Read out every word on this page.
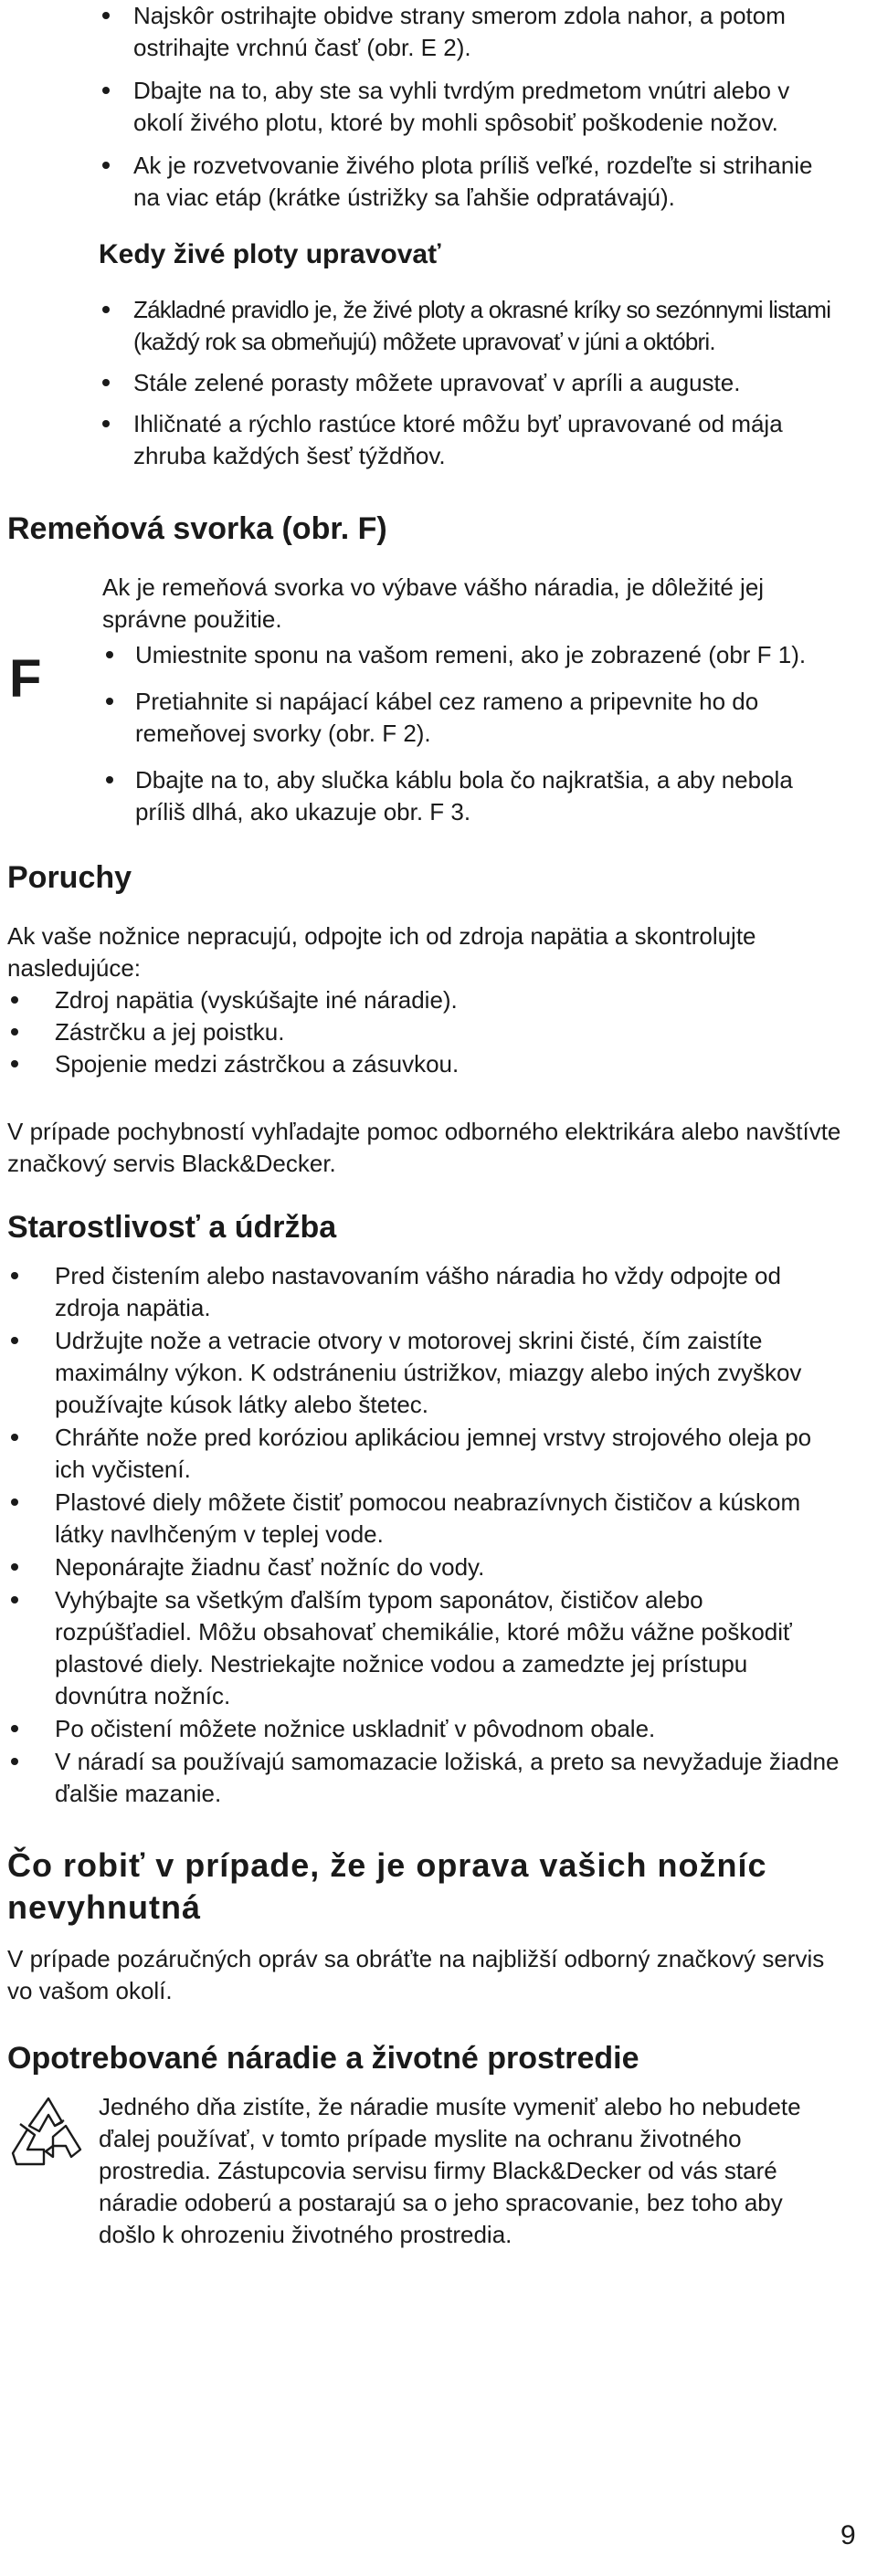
Najskôr ostrihajte obidve strany smerom zdola nahor, a potom ostrihajte vrchnú časť (obr. E 2).
Dbajte na to, aby ste sa vyhli tvrdým predmetom vnútri alebo v okolí živého plotu, ktoré by mohli spôsobiť poškodenie nožov.
Ak je rozvetvovanie živého plota príliš veľké, rozdeľte si strihanie na viac etáp (krátke ústrižky sa ľahšie odpratávajú).
Kedy živé ploty upravovať
Základné pravidlo je, že živé ploty a okrasné kríky so sezónnymi listami (každý rok sa obmeňujú) môžete upravovať v júni a októbri.
Stále zelené porasty môžete upravovať v apríli a auguste.
Ihličnaté a rýchlo rastúce ktoré môžu byť upravované od mája zhruba každých šesť týždňov.
Remeňová svorka (obr. F)
F
Ak je remeňová svorka vo výbave vášho náradia, je dôležité jej správne použitie.
Umiestnite sponu na vašom remeni, ako je zobrazené (obr F 1).
Pretiahnite si napájací kábel cez rameno a pripevnite ho do remeňovej svorky (obr. F 2).
Dbajte na to, aby slučka káblu bola čo najkratšia, a aby nebola príliš dlhá, ako ukazuje obr. F 3.
Poruchy
Ak vaše nožnice nepracujú, odpojte ich od zdroja napätia a skontrolujte nasledujúce:
Zdroj napätia (vyskúšajte iné náradie).
Zástrčku a jej poistku.
Spojenie medzi zástrčkou a zásuvkou.
V prípade pochybností vyhľadajte pomoc odborného elektrikára alebo navštívte značkový servis Black&Decker.
Starostlivosť a údržba
Pred čistením alebo nastavovaním vášho náradia ho vždy odpojte od zdroja napätia.
Udržujte nože a vetracie otvory v motorovej skrini čisté, čím zaistíte maximálny výkon. K odstráneniu ústrižkov, miazgy alebo iných zvyškov používajte kúsok látky alebo štetec.
Chráňte nože pred koróziou aplikáciou jemnej vrstvy strojového oleja po ich vyčistení.
Plastové diely môžete čistiť pomocou neabrazívnych čističov a kúskom látky navlhčeným v teplej vode.
Neponárajte žiadnu časť nožníc do vody.
Vyhýbajte sa všetkým ďalším typom saponátov, čističov alebo rozpúšťadiel. Môžu obsahovať chemikálie, ktoré môžu vážne poškodiť plastové diely. Nestriekajte nožnice vodou a zamedzte jej prístupu dovnútra nožníc.
Po očistení môžete nožnice uskladniť v pôvodnom obale.
V náradí sa používajú samomazacie ložiská, a preto sa nevyžaduje žiadne ďalšie mazanie.
Čo robiť v prípade, že je oprava vašich nožníc nevyhnutná
V prípade pozáručných opráv sa obráťte na najbližší odborný značkový servis vo vašom okolí.
Opotrebované náradie a životné prostredie
Jedného dňa zistíte, že náradie musíte vymeniť alebo ho nebudete ďalej používať, v tomto prípade myslite na ochranu životného prostredia. Zástupcovia servisu firmy Black&Decker od vás staré náradie odoberú a postarajú sa o jeho spracovanie, bez toho aby došlo k ohrozeniu životného prostredia.
9
